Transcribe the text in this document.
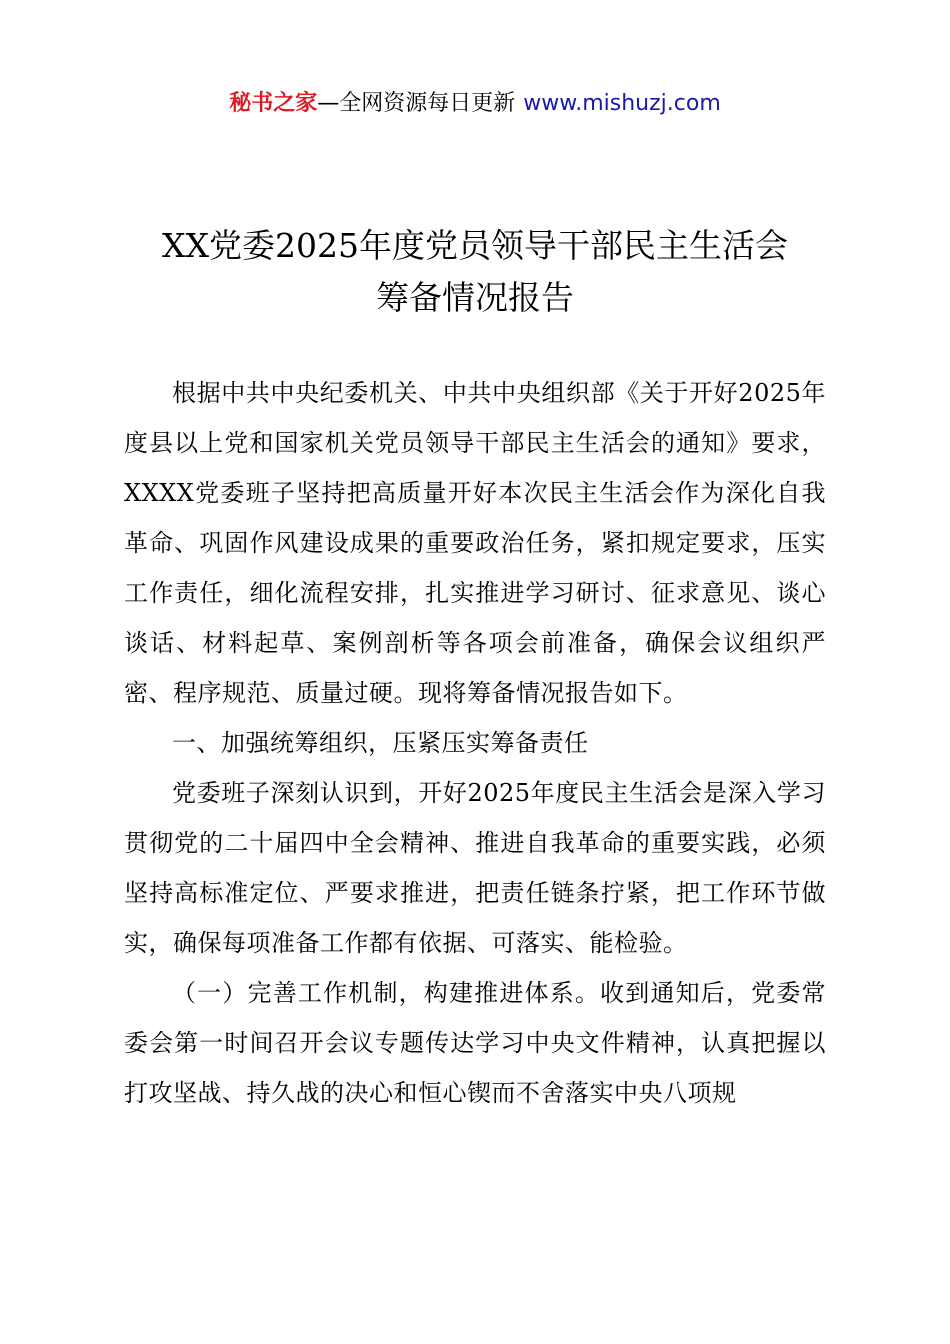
秘书之家—全网资源每日更新 www.mishuzj.com
XX党委2025年度党员领导干部民主生活会
筹备情况报告

根据中共中央纪委机关、中共中央组织部《关于开好2025年度县以上党和国家机关党员领导干部民主生活会的通知》要求，XXXX党委班子坚持把高质量开好本次民主生活会作为深化自我革命、巩固作风建设成果的重要政治任务，紧扣规定要求，压实工作责任，细化流程安排，扎实推进学习研讨、征求意见、谈心谈话、材料起草、案例剖析等各项会前准备，确保会议组织严密、程序规范、质量过硬。现将筹备情况报告如下。

一、加强统筹组织，压紧压实筹备责任

党委班子深刻认识到，开好2025年度民主生活会是深入学习贯彻党的二十届四中全会精神、推进自我革命的重要实践，必须坚持高标准定位、严要求推进，把责任链条拧紧，把工作环节做实，确保每项准备工作都有依据、可落实、能检验。

（一）完善工作机制，构建推进体系。收到通知后，党委常委会第一时间召开会议专题传达学习中央文件精神，认真把握以打攻坚战、持久战的决心和恒心锲而不舍落实中央八项规
